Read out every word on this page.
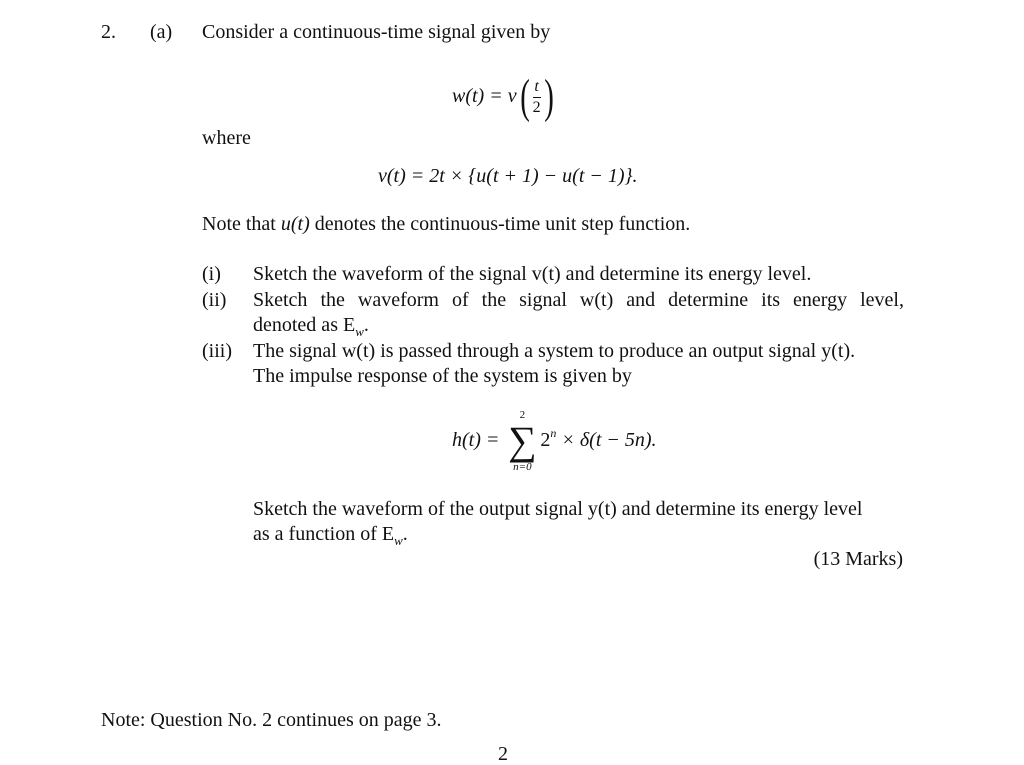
2. (a) Consider a continuous-time signal given by
$w(t) = v( \frac{t}{2}$ )
where
v(t) = 2t × {u(t + 1) − u(t − 1)}.
Note that u(t) denotes the continuous-time unit step function.
(i) Sketch the waveform of the signal v(t) and determine its energy level.
(ii) Sketch the waveform of the signal w(t) and determine its energy level,
denoted as $E_w$.
(iii) The signal w(t) is passed through a system to produce an output signal y(t).
The impulse response of the system is given by
h(t) =
2
∑
n=0
$2^n \times \delta(t - 5n)$.
Sketch the waveform of the output signal y(t) and determine its energy level
as a function of $E_w$.
(13 Marks)
Note: Question No. 2 continues on page 3.
2
